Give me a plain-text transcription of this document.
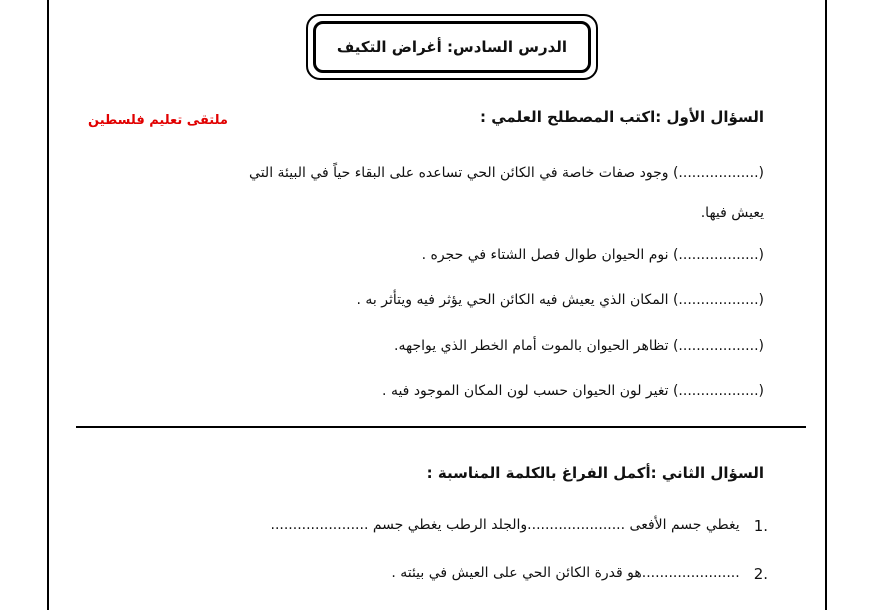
الدرس السادس: أغراض التكيف
السؤال الأول :اكتب المصطلح العلمي :
ملتقى تعليم فلسطين
(..................) وجود صفات خاصة في الكائن الحي تساعده على البقاء حياً في البيئة التي
يعيش فيها.
(..................) نوم الحيوان طوال فصل الشتاء في حجره .
(..................) المكان الذي يعيش فيه الكائن الحي يؤثر فيه ويتأثر به .
(..................) تظاهر الحيوان بالموت أمام الخطر الذي يواجهه.
(..................) تغير لون الحيوان حسب لون المكان الموجود فيه .
السؤال الثاني :أكمل الفراغ بالكلمة المناسبة :
1.
يغطي جسم الأفعى ......................والجلد الرطب يغطي جسم ......................
2.
......................هو قدرة الكائن الحي على العيش في بيئته .
